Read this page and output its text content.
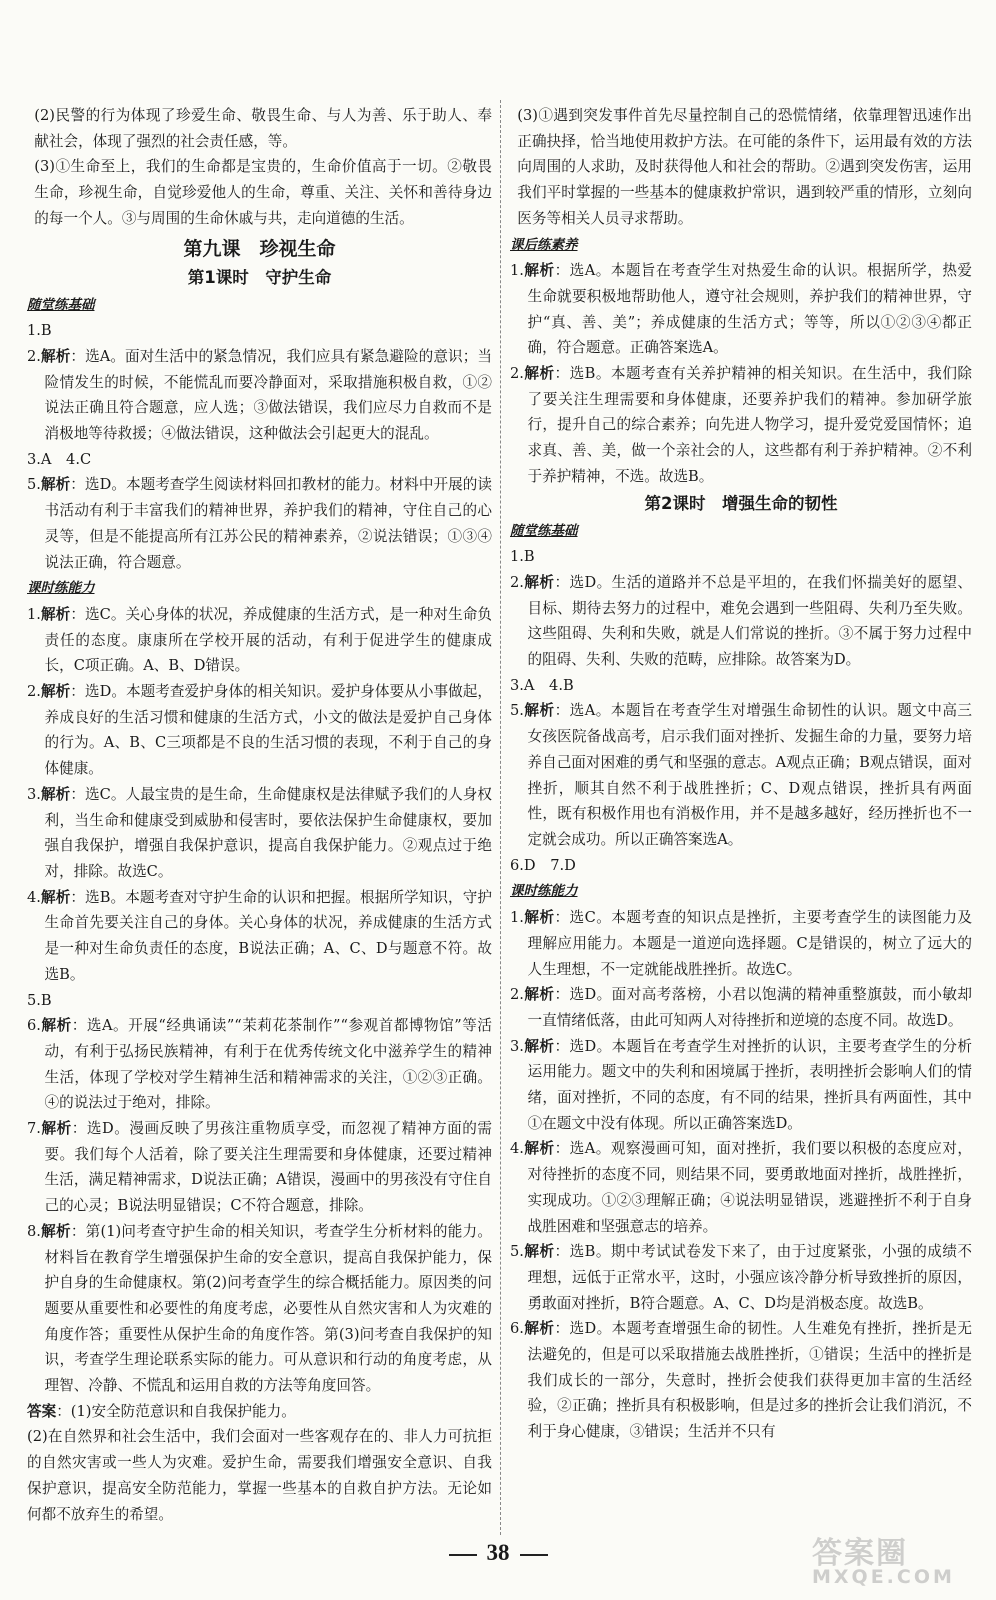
(2)民警的行为体现了珍爱生命、敬畏生命、与人为善、乐于助人、奉献社会，体现了强烈的社会责任感，等。

(3)①生命至上，我们的生命都是宝贵的，生命价值高于一切。②敬畏生命，珍视生命，自觉珍爱他人的生命，尊重、关注、关怀和善待身边的每一个人。③与周围的生命休戚与共，走向道德的生活。

第九课　珍视生命
第1课时　守护生命
随堂练基础

1.B

2.解析：选A。面对生活中的紧急情况，我们应具有紧急避险的意识；当险情发生的时候，不能慌乱而要冷静面对，采取措施积极自救，①②说法正确且符合题意，应人选；③做法错误，我们应尽力自救而不是消极地等待救援；④做法错误，这种做法会引起更大的混乱。

3.A　4.C

5.解析：选D。本题考查学生阅读材料回扣教材的能力。材料中开展的读书活动有利于丰富我们的精神世界，养护我们的精神，守住自己的心灵等，但是不能提高所有江苏公民的精神素养，②说法错误；①③④说法正确，符合题意。

课时练能力

1.解析：选C。关心身体的状况，养成健康的生活方式，是一种对生命负责任的态度。康康所在学校开展的活动，有利于促进学生的健康成长，C项正确。A、B、D错误。

2.解析：选D。本题考查爱护身体的相关知识。爱护身体要从小事做起，养成良好的生活习惯和健康的生活方式，小文的做法是爱护自己身体的行为。A、B、C三项都是不良的生活习惯的表现，不利于自己的身体健康。

3.解析：选C。人最宝贵的是生命，生命健康权是法律赋予我们的人身权利，当生命和健康受到威胁和侵害时，要依法保护生命健康权，要加强自我保护，增强自我保护意识，提高自我保护能力。②观点过于绝对，排除。故选C。

4.解析：选B。本题考查对守护生命的认识和把握。根据所学知识，守护生命首先要关注自己的身体。关心身体的状况，养成健康的生活方式是一种对生命负责任的态度，B说法正确；A、C、D与题意不符。故选B。

5.B

6.解析：选A。开展“经典诵读”“茉莉花茶制作”“参观首都博物馆”等活动，有利于弘扬民族精神，有利于在优秀传统文化中滋养学生的精神生活，体现了学校对学生精神生活和精神需求的关注，①②③正确。④的说法过于绝对，排除。

7.解析：选D。漫画反映了男孩注重物质享受，而忽视了精神方面的需要。我们每个人活着，除了要关注生理需要和身体健康，还要过精神生活，满足精神需求，D说法正确；A错误，漫画中的男孩没有守住自己的心灵；B说法明显错误；C不符合题意，排除。

8.解析：第(1)问考查守护生命的相关知识，考查学生分析材料的能力。材料旨在教育学生增强保护生命的安全意识，提高自我保护能力，保护自身的生命健康权。第(2)问考查学生的综合概括能力。原因类的问题要从重要性和必要性的角度考虑，必要性从自然灾害和人为灾难的角度作答；重要性从保护生命的角度作答。第(3)问考查自我保护的知识，考查学生理论联系实际的能力。可从意识和行动的角度考虑，从理智、冷静、不慌乱和运用自救的方法等角度回答。

答案：(1)安全防范意识和自我保护能力。

(2)在自然界和社会生活中，我们会面对一些客观存在的、非人力可抗拒的自然灾害或一些人为灾难。爱护生命，需要我们增强安全意识、自我保护意识，提高安全防范能力，掌握一些基本的自救自护方法。无论如何都不放弃生的希望。

(3)①遇到突发事件首先尽量控制自己的恐慌情绪，依靠理智迅速作出正确抉择，恰当地使用救护方法。在可能的条件下，运用最有效的方法向周围的人求助，及时获得他人和社会的帮助。②遇到突发伤害，运用我们平时掌握的一些基本的健康救护常识，遇到较严重的情形，立刻向医务等相关人员寻求帮助。

课后练素养

1.解析：选A。本题旨在考查学生对热爱生命的认识。根据所学，热爱生命就要积极地帮助他人，遵守社会规则，养护我们的精神世界，守护“真、善、美”；养成健康的生活方式；等等，所以①②③④都正确，符合题意。正确答案选A。

2.解析：选B。本题考查有关养护精神的相关知识。在生活中，我们除了要关注生理需要和身体健康，还要养护我们的精神。参加研学旅行，提升自己的综合素养；向先进人物学习，提升爱党爱国情怀；追求真、善、美，做一个亲社会的人，这些都有利于养护精神。②不利于养护精神，不选。故选B。

第2课时　增强生命的韧性
随堂练基础

1.B

2.解析：选D。生活的道路并不总是平坦的，在我们怀揣美好的愿望、目标、期待去努力的过程中，难免会遇到一些阻碍、失利乃至失败。这些阻碍、失利和失败，就是人们常说的挫折。③不属于努力过程中的阻碍、失利、失败的范畴，应排除。故答案为D。

3.A　4.B

5.解析：选A。本题旨在考查学生对增强生命韧性的认识。题文中高三女孩医院备战高考，启示我们面对挫折、发掘生命的力量，要努力培养自己面对困难的勇气和坚强的意志。A观点正确；B观点错误，面对挫折，顺其自然不利于战胜挫折；C、D观点错误，挫折具有两面性，既有积极作用也有消极作用，并不是越多越好，经历挫折也不一定就会成功。所以正确答案选A。

6.D　7.D

课时练能力

1.解析：选C。本题考查的知识点是挫折，主要考查学生的读图能力及理解应用能力。本题是一道逆向选择题。C是错误的，树立了远大的人生理想，不一定就能战胜挫折。故选C。

2.解析：选D。面对高考落榜，小君以饱满的精神重整旗鼓，而小敏却一直情绪低落，由此可知两人对待挫折和逆境的态度不同。故选D。

3.解析：选D。本题旨在考查学生对挫折的认识，主要考查学生的分析运用能力。题文中的失利和困境属于挫折，表明挫折会影响人们的情绪，面对挫折，不同的态度，有不同的结果，挫折具有两面性，其中①在题文中没有体现。所以正确答案选D。

4.解析：选A。观察漫画可知，面对挫折，我们要以积极的态度应对，对待挫折的态度不同，则结果不同，要勇敢地面对挫折，战胜挫折，实现成功。①②③理解正确；④说法明显错误，逃避挫折不利于自身战胜困难和坚强意志的培养。

5.解析：选B。期中考试试卷发下来了，由于过度紧张，小强的成绩不理想，远低于正常水平，这时，小强应该冷静分析导致挫折的原因，勇敢面对挫折，B符合题意。A、C、D均是消极态度。故选B。

6.解析：选D。本题考查增强生命的韧性。人生难免有挫折，挫折是无法避免的，但是可以采取措施去战胜挫折，①错误；生活中的挫折是我们成长的一部分，失意时，挫折会使我们获得更加丰富的生活经验，②正确；挫折具有积极影响，但是过多的挫折会让我们消沉，不利于身心健康，③错误；生活并不只有

38	答案圈
MXQE.COM
